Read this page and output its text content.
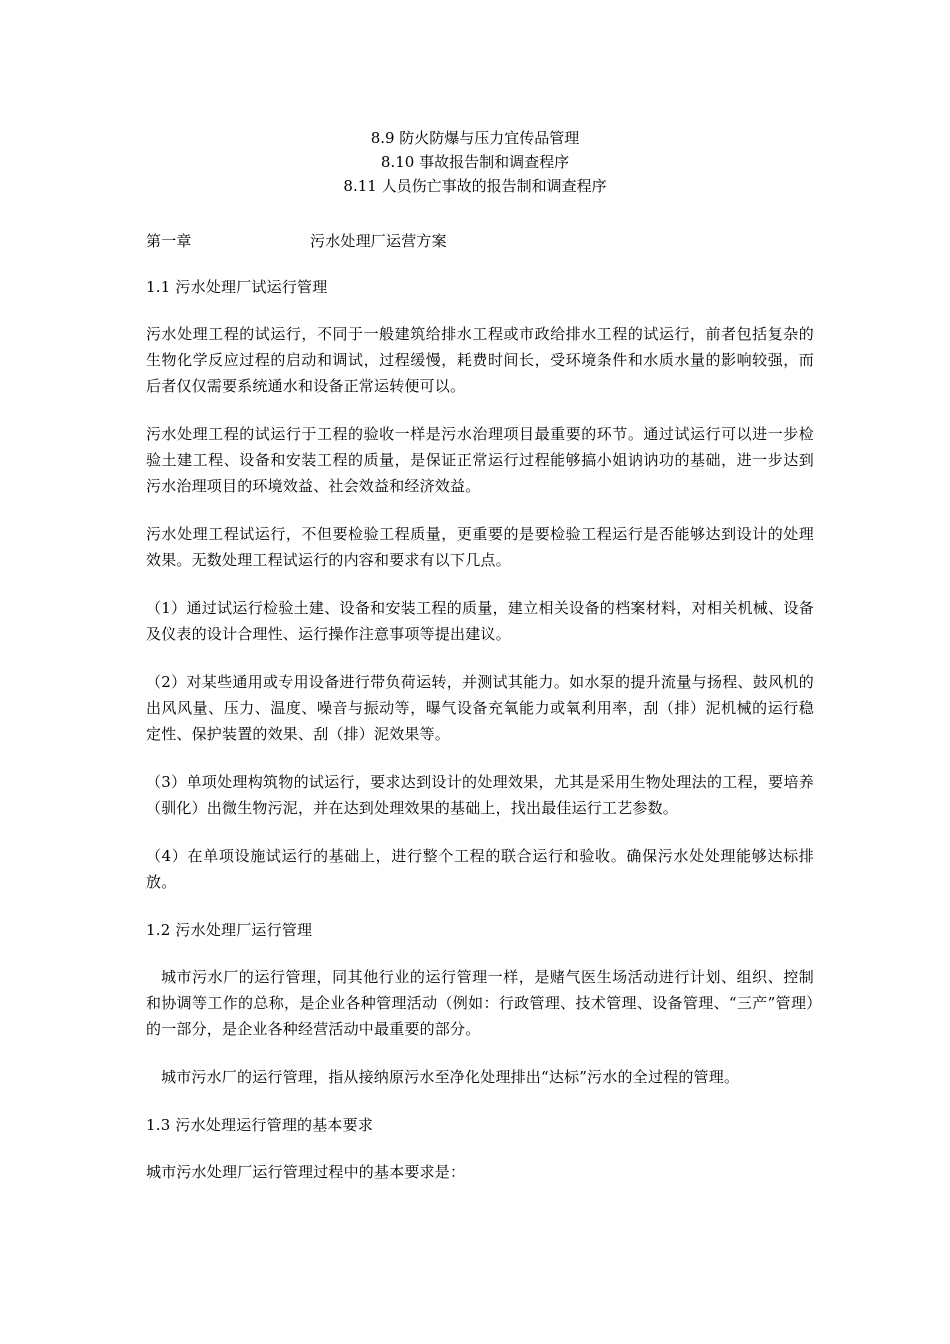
8.9 防火防爆与压力宜传品管理
8.10 事故报告制和调查程序
8.11 人员伤亡事故的报告制和调查程序
第一章	污水处理厂运营方案
1.1 污水处理厂试运行管理
污水处理工程的试运行，不同于一般建筑给排水工程或市政给排水工程的试运行，前者包括复杂的生物化学反应过程的启动和调试，过程缓慢，耗费时间长，受环境条件和水质水量的影响较强，而后者仅仅需要系统通水和设备正常运转便可以。
污水处理工程的试运行于工程的验收一样是污水治理项目最重要的环节。通过试运行可以进一步检验土建工程、设备和安装工程的质量，是保证正常运行过程能够搞小姐讷讷功的基础，进一步达到污水治理项目的环境效益、社会效益和经济效益。
污水处理工程试运行，不但要检验工程质量，更重要的是要检验工程运行是否能够达到设计的处理效果。无数处理工程试运行的内容和要求有以下几点。
（1）通过试运行检验土建、设备和安装工程的质量，建立相关设备的档案材料，对相关机械、设备及仪表的设计合理性、运行操作注意事项等提出建议。
（2）对某些通用或专用设备进行带负荷运转，并测试其能力。如水泵的提升流量与扬程、鼓风机的出风风量、压力、温度、噪音与振动等，曝气设备充氧能力或氧利用率，刮（排）泥机械的运行稳定性、保护装置的效果、刮（排）泥效果等。
（3）单项处理构筑物的试运行，要求达到设计的处理效果，尤其是采用生物处理法的工程，要培养（驯化）出微生物污泥，并在达到处理效果的基础上，找出最佳运行工艺参数。
（4）在单项设施试运行的基础上，进行整个工程的联合运行和验收。确保污水处处理能够达标排放。
1.2 污水处理厂运行管理
城市污水厂的运行管理，同其他行业的运行管理一样，是赌气医生场活动进行计划、组织、控制和协调等工作的总称，是企业各种管理活动（例如：行政管理、技术管理、设备管理、“三产”管理）的一部分，是企业各种经营活动中最重要的部分。
城市污水厂的运行管理，指从接纳原污水至净化处理排出“达标”污水的全过程的管理。
1.3 污水处理运行管理的基本要求
城市污水处理厂运行管理过程中的基本要求是：
